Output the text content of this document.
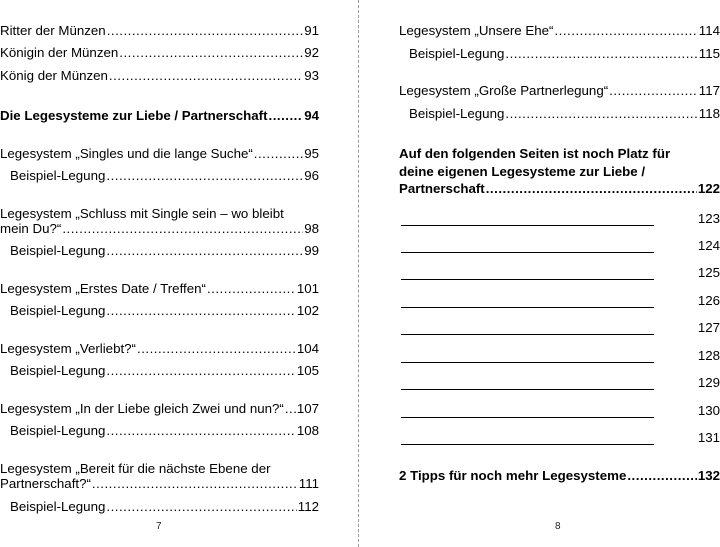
Ritter der Münzen .....	91
Königin der Münzen .....	92
König der Münzen .....	93
Die Legesysteme zur Liebe / Partnerschaft .....	94
Legesystem „Singles und die lange Suche“ .....	95
Beispiel-Legung .....	96
Legesystem „Schluss mit Single sein – wo bleibt
mein Du?“ .....	98
Beispiel-Legung .....	99
Legesystem „Erstes Date / Treffen“ .....	101
Beispiel-Legung .....	102
Legesystem „Verliebt?“ .....	104
Beispiel-Legung .....	105
Legesystem „In der Liebe gleich Zwei und nun?“ ..... 107
Beispiel-Legung .....	108
Legesystem „Bereit für die nächste Ebene der
Partnerschaft?“ .....	111
Beispiel-Legung .....	112
7
Legesystem „Unsere Ehe“ .....	114
Beispiel-Legung .....	115
Legesystem „Große Partnerlegung“ .....	117
Beispiel-Legung .....	118
Auf den folgenden Seiten ist noch Platz für
deine eigenen Legesysteme zur Liebe /
Partnerschaft .....	122
123
124
125
126
127
128
129
130
131
2 Tipps für noch mehr Legesysteme .....	132
8
